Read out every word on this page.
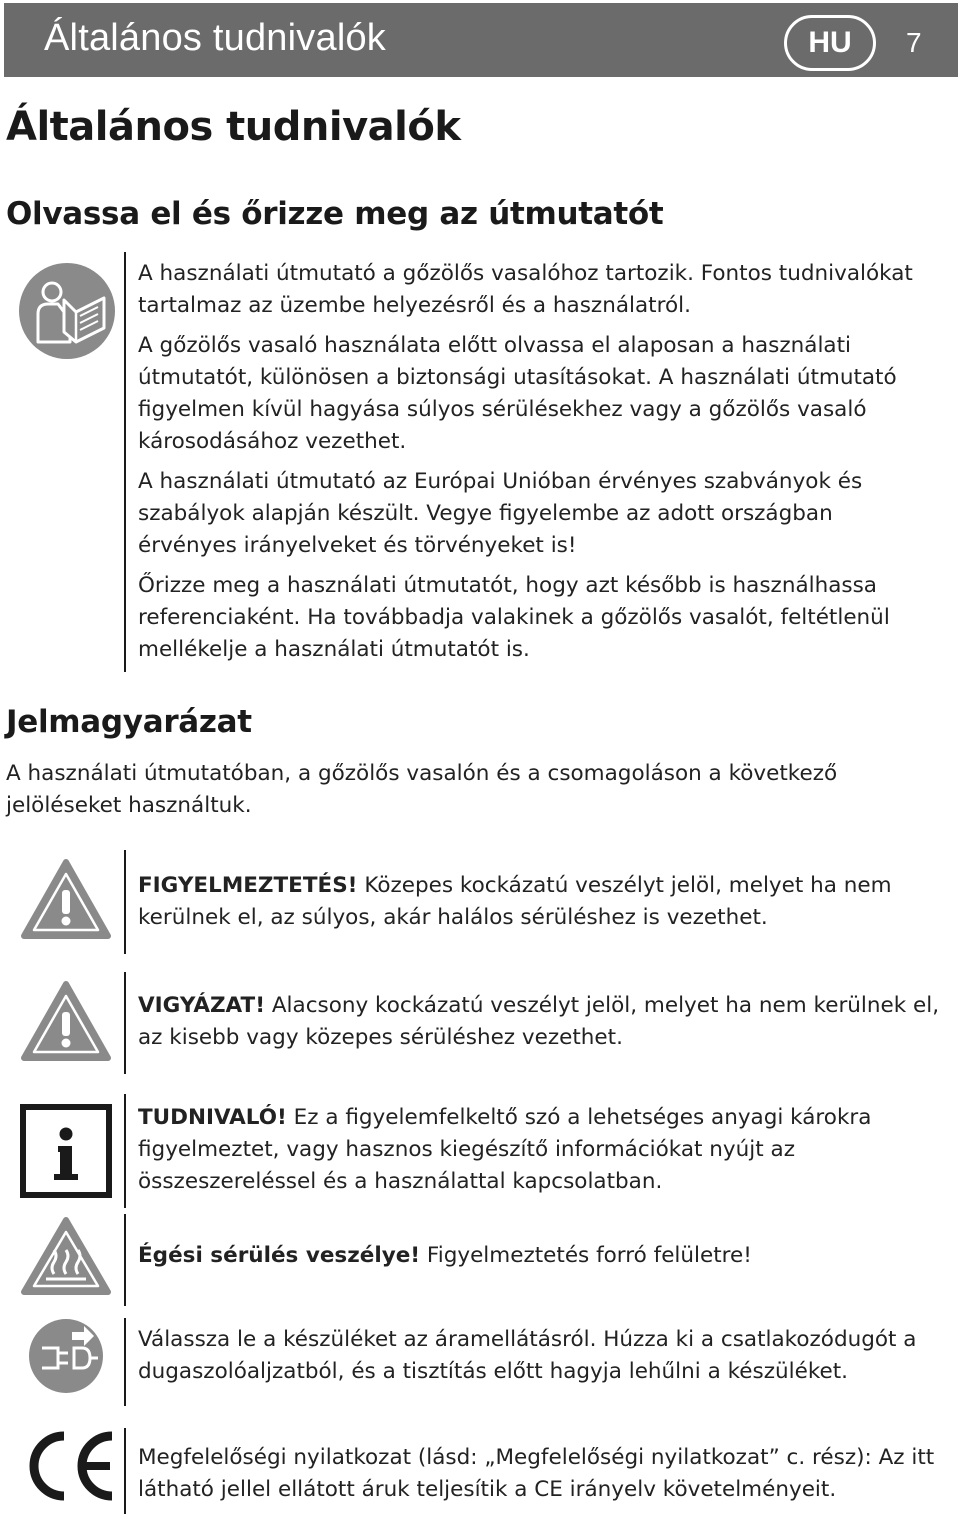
Általános tudnivalók	HU	7
Általános tudnivalók
Olvassa el és őrizze meg az útmutatót

A használati útmutató a gőzölős vasalóhoz tartozik. Fontos tudnivalókat tartalmaz az üzembe helyezésről és a használatról.

A gőzölős vasaló használata előtt olvassa el alaposan a használati útmutatót, különösen a biztonsági utasításokat. A használati útmutató figyelmen kívül hagyása súlyos sérülésekhez vagy a gőzölős vasaló károsodásához vezethet.

A használati útmutató az Európai Unióban érvényes szabványok és szabályok alapján készült. Vegye figyelembe az adott országban érvényes irányelveket és törvényeket is!

Őrizze meg a használati útmutatót, hogy azt később is használhassa referenciaként. Ha továbbadja valakinek a gőzölős vasalót, feltétlenül mellékelje a használati útmutatót is.

Jelmagyarázat

A használati útmutatóban, a gőzölős vasalón és a csomagoláson a következő jelöléseket használtuk.

FIGYELMEZTETÉS! Közepes kockázatú veszélyt jelöl, melyet ha nem kerülnek el, az súlyos, akár halálos sérüléshez is vezethet.

VIGYÁZAT! Alacsony kockázatú veszélyt jelöl, melyet ha nem kerülnek el, az kisebb vagy közepes sérüléshez vezethet.

TUDNIVALÓ! Ez a figyelemfelkeltő szó a lehetséges anyagi károkra figyelmeztet, vagy hasznos kiegészítő információkat nyújt az összeszereléssel és a használattal kapcsolatban.

Égési sérülés veszélye! Figyelmeztetés forró felületre!

Válassza le a készüléket az áramellátásról. Húzza ki a csatlakozódugót a dugaszolóaljzatból, és a tisztítás előtt hagyja lehűlni a készüléket.

Megfelelőségi nyilatkozat (lásd: „Megfelelőségi nyilatkozat” c. rész): Az itt látható jellel ellátott áruk teljesítik a CE irányelv követelményeit.
